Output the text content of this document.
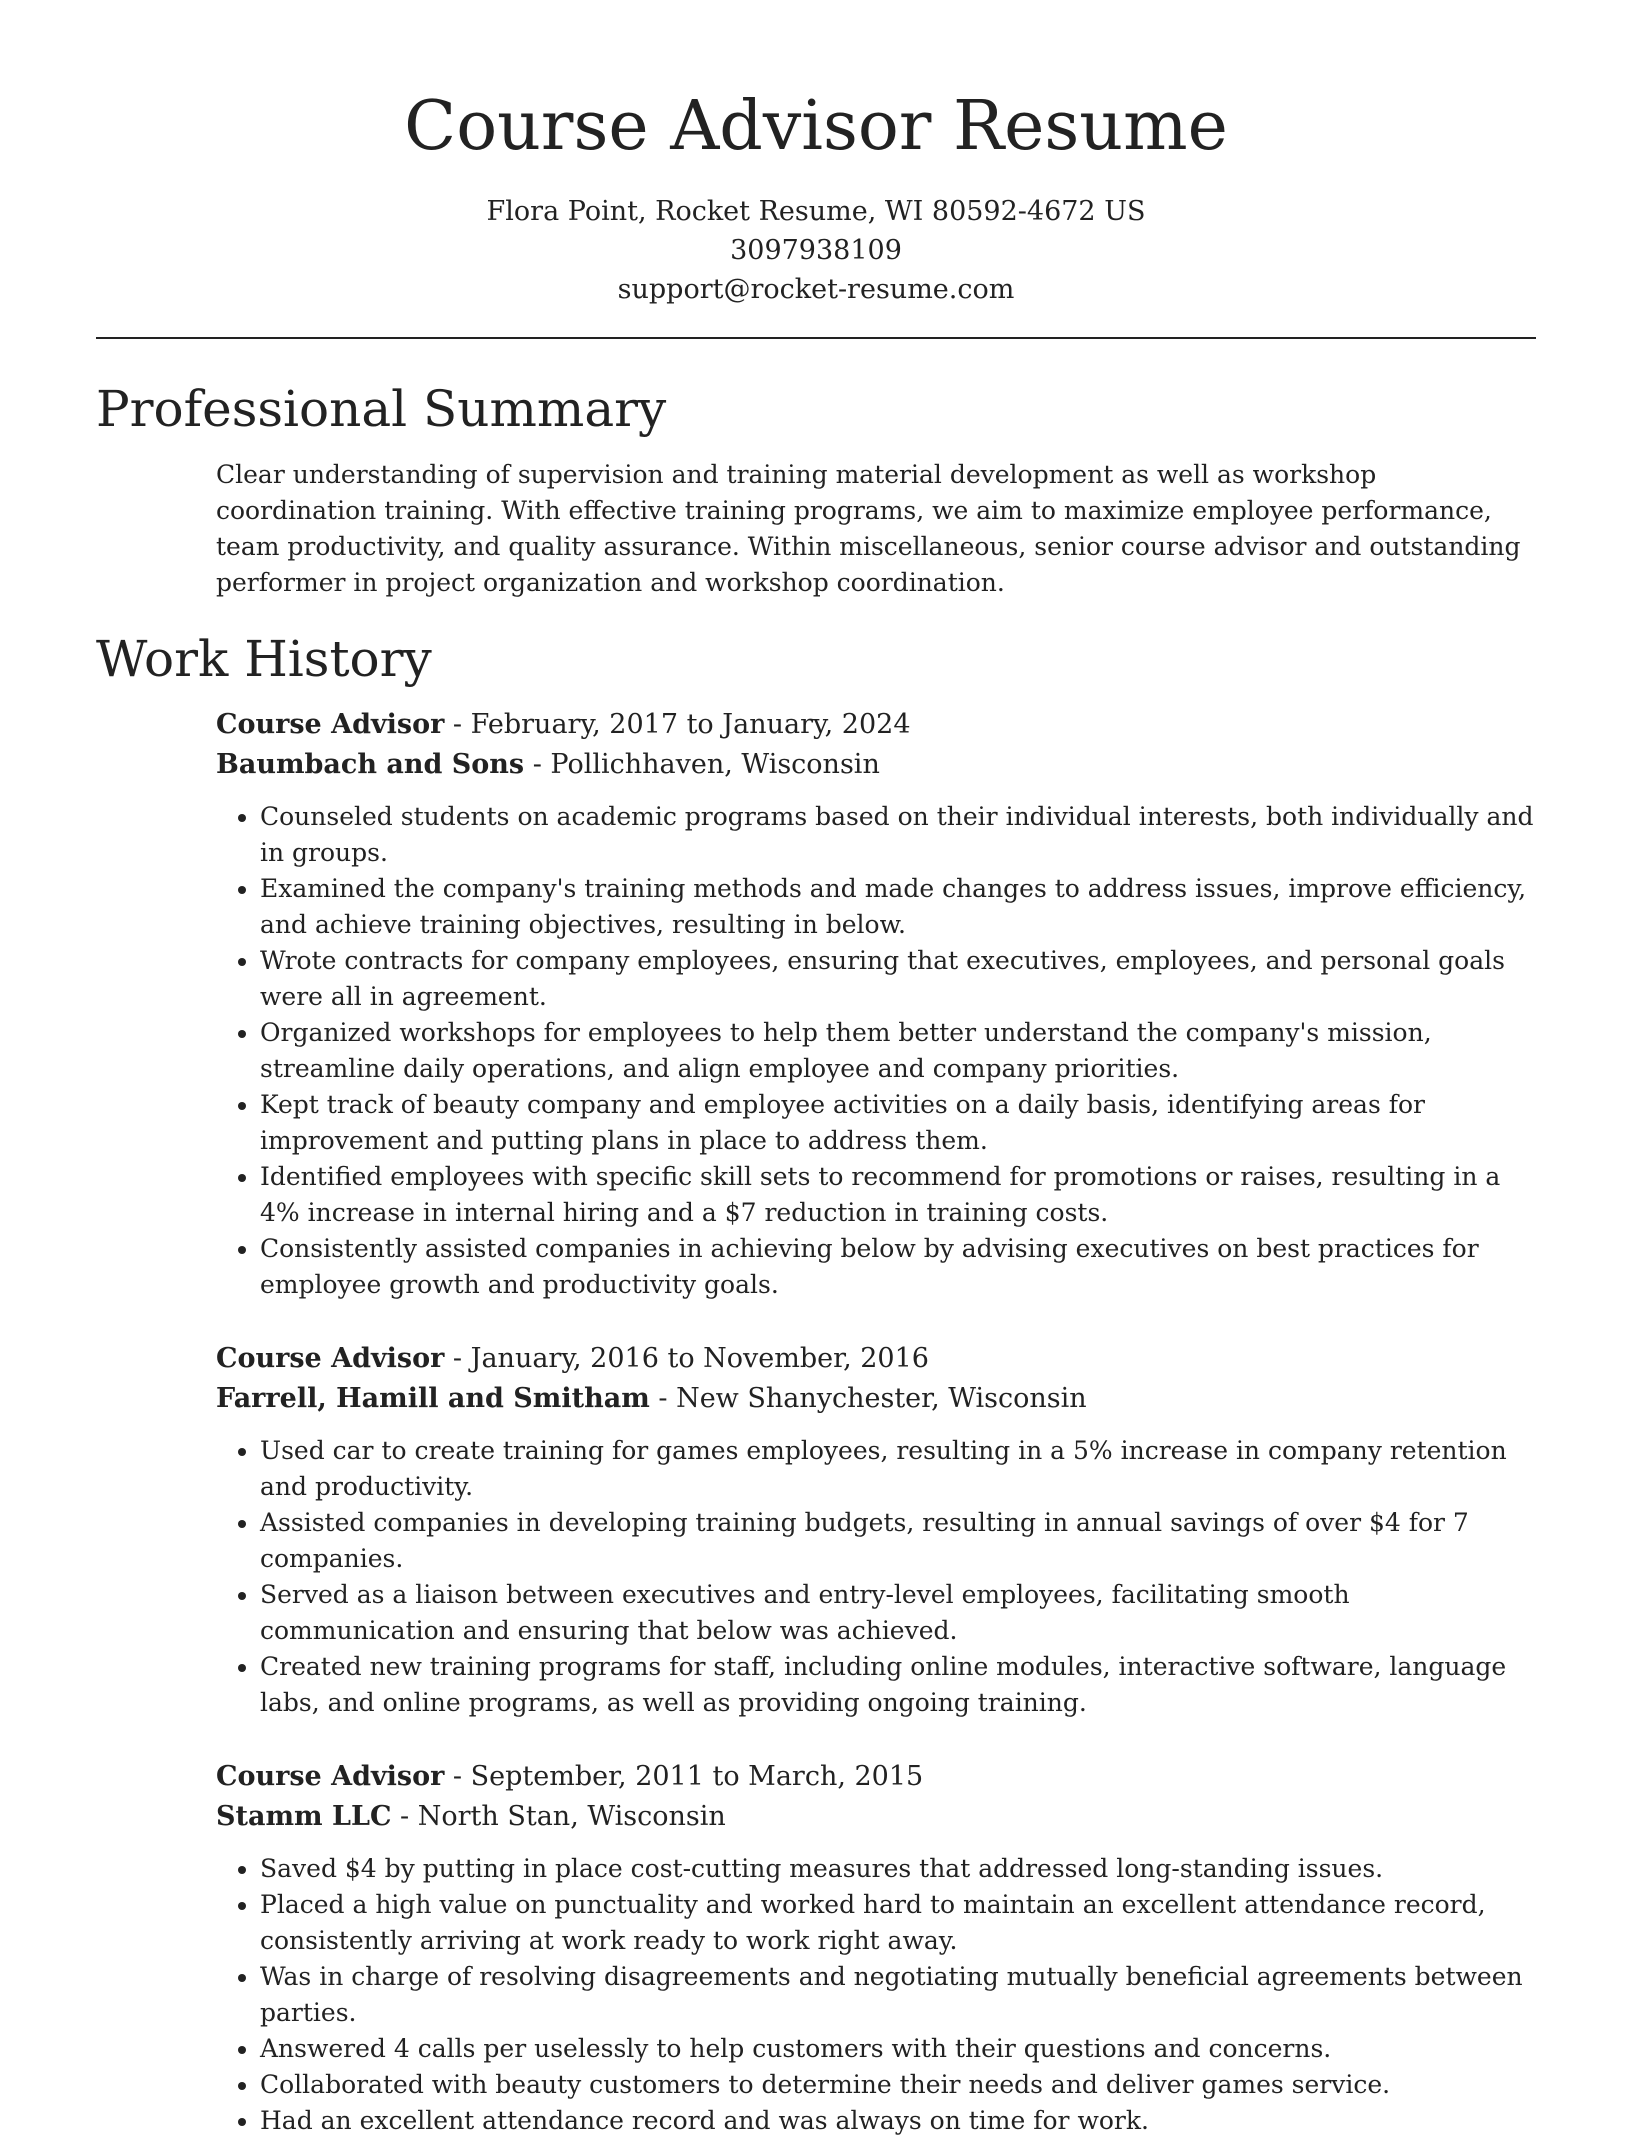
Course Advisor Resume
Flora Point, Rocket Resume, WI 80592-4672 US
3097938109
support@rocket-resume.com
Professional Summary

Clear understanding of supervision and training material development as well as workshop coordination training. With effective training programs, we aim to maximize employee performance, team productivity, and quality assurance. Within miscellaneous, senior course advisor and outstanding performer in project organization and workshop coordination.

Work History
Course Advisor - February, 2017 to January, 2024
Baumbach and Sons - Pollichhaven, Wisconsin
• Counseled students on academic programs based on their individual interests, both individually and in groups.
• Examined the company's training methods and made changes to address issues, improve efficiency, and achieve training objectives, resulting in below.
• Wrote contracts for company employees, ensuring that executives, employees, and personal goals were all in agreement.
• Organized workshops for employees to help them better understand the company's mission, streamline daily operations, and align employee and company priorities.
• Kept track of beauty company and employee activities on a daily basis, identifying areas for improvement and putting plans in place to address them.
• Identified employees with specific skill sets to recommend for promotions or raises, resulting in a 4% increase in internal hiring and a $7 reduction in training costs.
• Consistently assisted companies in achieving below by advising executives on best practices for employee growth and productivity goals.
Course Advisor - January, 2016 to November, 2016
Farrell, Hamill and Smitham - New Shanychester, Wisconsin
• Used car to create training for games employees, resulting in a 5% increase in company retention and productivity.
• Assisted companies in developing training budgets, resulting in annual savings of over $4 for 7 companies.
• Served as a liaison between executives and entry-level employees, facilitating smooth communication and ensuring that below was achieved.
• Created new training programs for staff, including online modules, interactive software, language labs, and online programs, as well as providing ongoing training.
Course Advisor - September, 2011 to March, 2015
Stamm LLC - North Stan, Wisconsin
• Saved $4 by putting in place cost-cutting measures that addressed long-standing issues.
• Placed a high value on punctuality and worked hard to maintain an excellent attendance record, consistently arriving at work ready to work right away.
• Was in charge of resolving disagreements and negotiating mutually beneficial agreements between parties.
• Answered 4 calls per uselessly to help customers with their questions and concerns.
• Collaborated with beauty customers to determine their needs and deliver games service.
• Had an excellent attendance record and was always on time for work.
